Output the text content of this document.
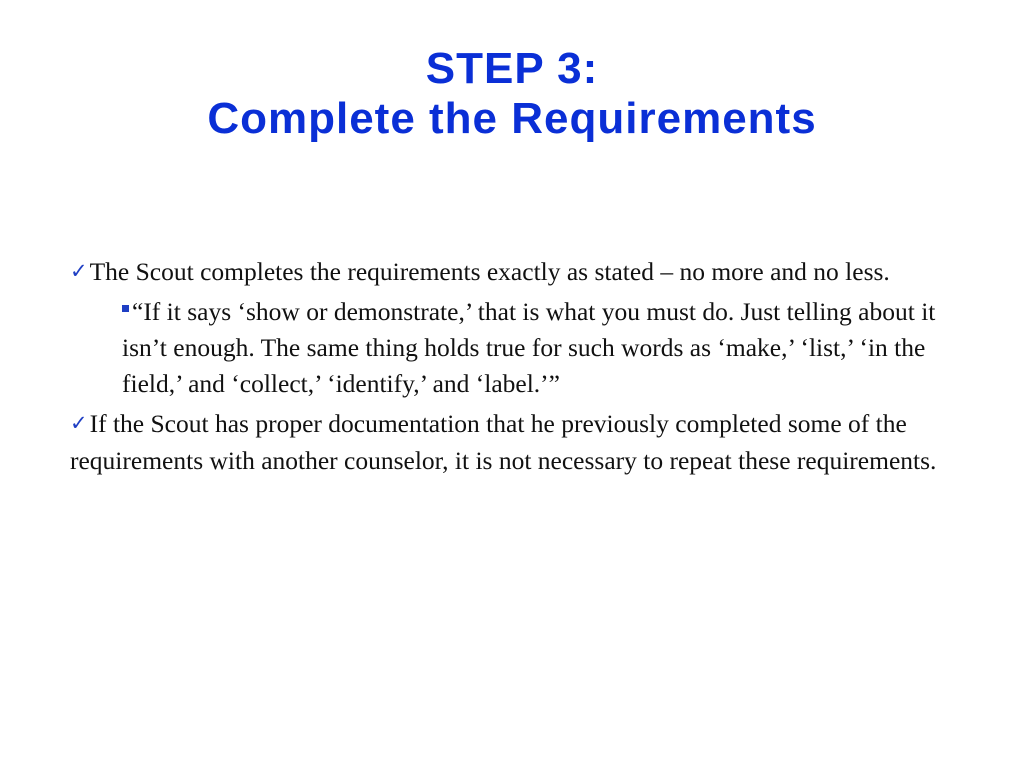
STEP 3:
Complete the Requirements

✓The Scout completes the requirements exactly as stated – no more and no less.

“If it says ‘show or demonstrate,’ that is what you must do. Just telling about it isn’t enough. The same thing holds true for such words as ‘make,’ ‘list,’ ‘in the field,’ and ‘collect,’ ‘identify,’ and ‘label.’”

✓If the Scout has proper documentation that he previously completed some of the requirements with another counselor, it is not necessary to repeat these requirements.
